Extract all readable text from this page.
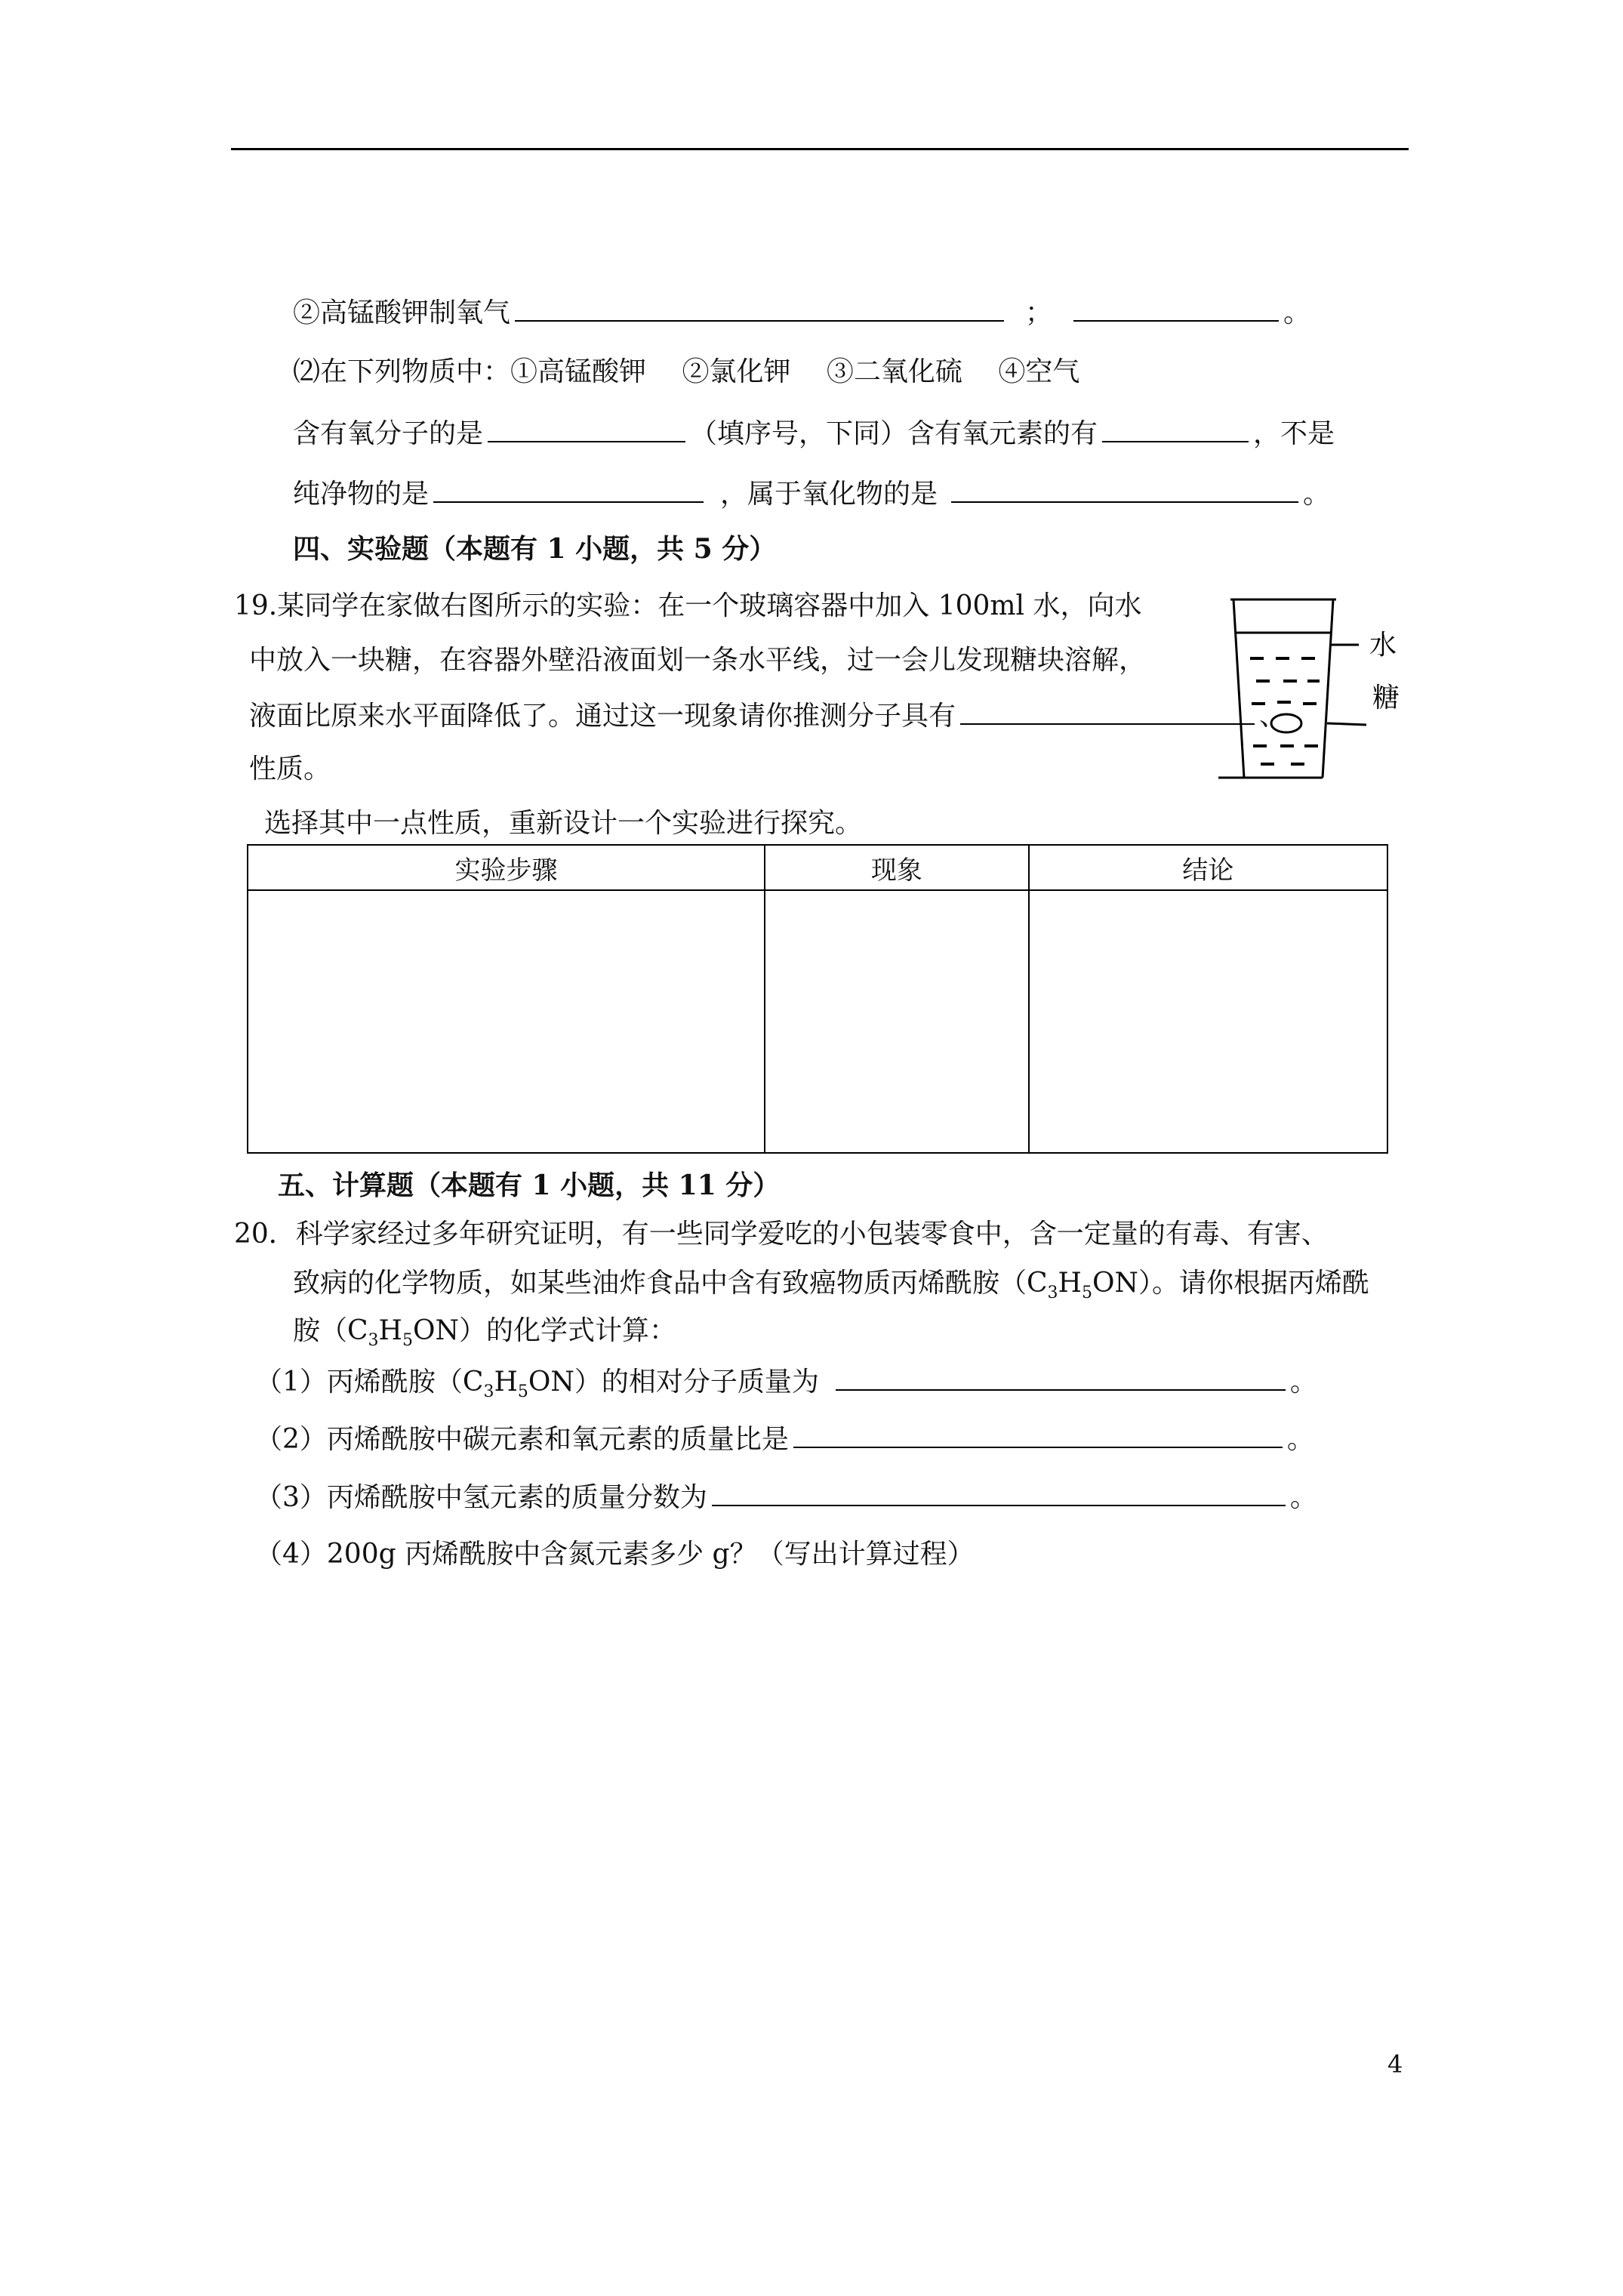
②高锰酸钾制氧气	；	。
⑵在下列物质中：①高锰酸钾　 ②氯化钾　 ③二氧化硫　 ④空气
含有氧分子的是	（填序号，下同）含有氧元素的有	，不是
纯净物的是	，属于氧化物的是	。
四、实验题（本题有 1 小题，共 5 分）
19.某同学在家做右图所示的实验：在一个玻璃容器中加入 100ml 水，向水
中放入一块糖，在容器外壁沿液面划一条水平线，过一会儿发现糖块溶解，
液面比原来水平面降低了。通过这一现象请你推测分子具有	、
性质。
选择其中一点性质，重新设计一个实验进行探究。
水
糖
实验步骤	现象	结论

五、计算题（本题有 1 小题，共 11 分）
20．科学家经过多年研究证明，有一些同学爱吃的小包装零食中，含一定量的有毒、有害、
致病的化学物质，如某些油炸食品中含有致癌物质丙烯酰胺$(C_3H_5ON)$。请你根据丙烯酰
胺$(C_3H_5ON)$的化学式计算：
（1）丙烯酰胺$(C_3H_5ON)$的相对分子质量为	。
（2）丙烯酰胺中碳元素和氧元素的质量比是	。
（3）丙烯酰胺中氢元素的质量分数为	。
（4）200g 丙烯酰胺中含氮元素多少 g？（写出计算过程）
4
